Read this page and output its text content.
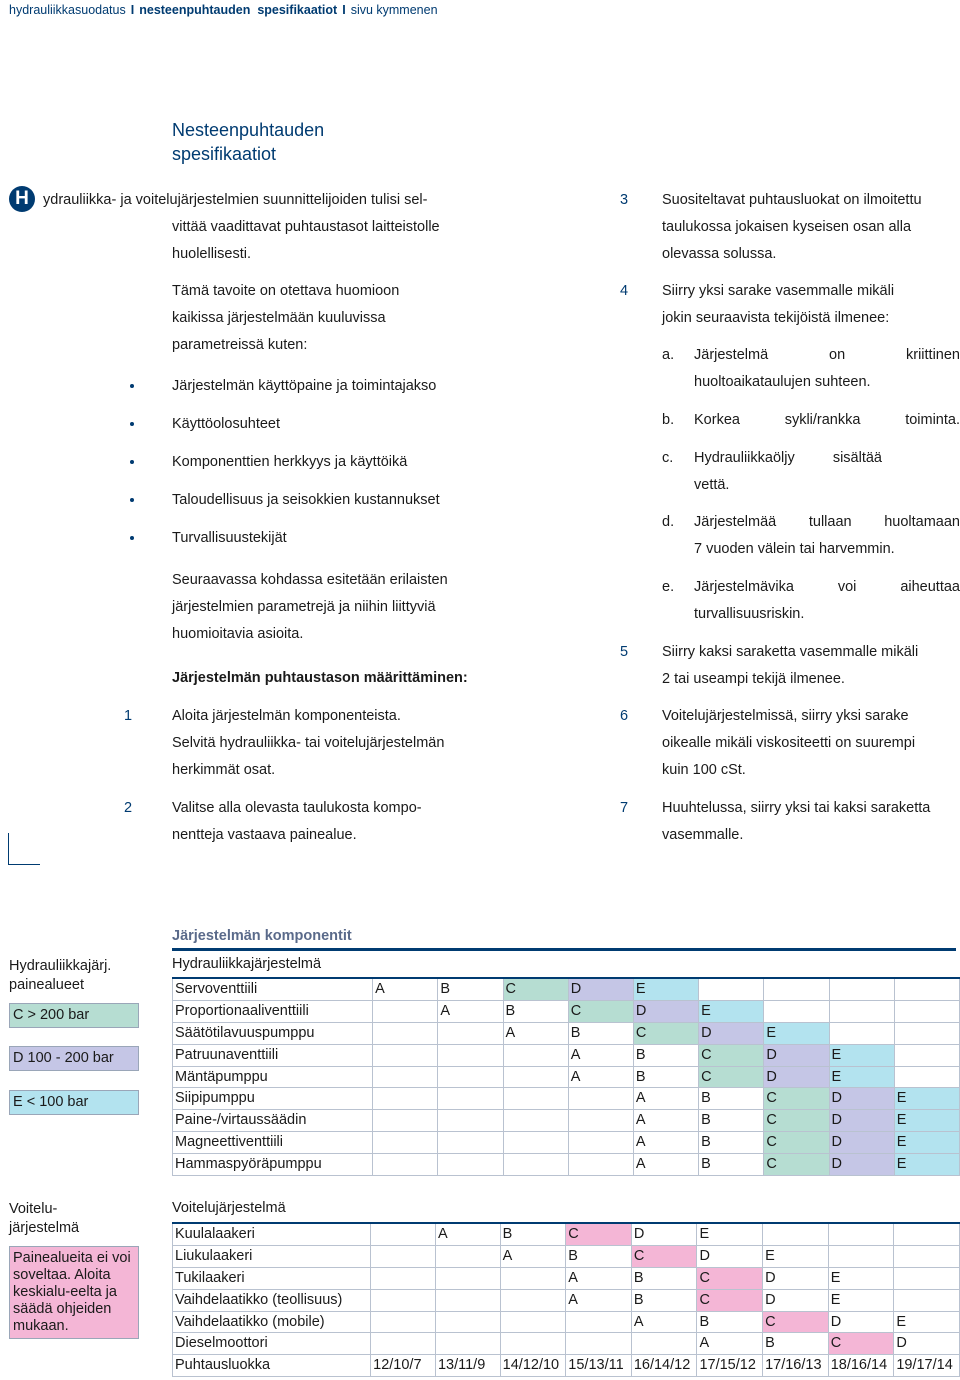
hydrauliikkasuodatus I nesteenpuhtauden spesifikaatiot I sivu kymmenen
Nesteenpuhtauden
spesifikaatiot
H ydrauliikka- ja voitelujärjestelmien suunnittelijoiden tulisi sel-
vittää vaadittavat puhtaustasot laitteistolle
huolellisesti.
Tämä tavoite on otettava huomioon
kaikissa järjestelmään kuuluvissa
parametreissä kuten:
Järjestelmän käyttöpaine ja toimintajakso
Käyttöolosuhteet
Komponenttien herkkyys ja käyttöikä
Taloudellisuus ja seisokkien kustannukset
Turvallisuustekijät
Seuraavassa kohdassa esitetään erilaisten
järjestelmien parametrejä ja niihin liittyviä
huomioitavia asioita.
Järjestelmän puhtaustason määrittäminen:
1	Aloita järjestelmän komponenteista.
Selvitä hydrauliikka- tai voitelujärjestelmän
herkimmät osat.
2	Valitse alla olevasta taulukosta kompo-
nentteja vastaava painealue.
3 Suositeltavat puhtausluokat on ilmoitettu
taulukossa jokaisen kyseisen osan alla
olevassa solussa.
4 Siirry yksi sarake vasemmalle mikäli
jokin seuraavista tekijöistä ilmenee:
a. Järjestelmä on kriittinen
huoltoaikataulujen suhteen.
b. Korkea sykli/rankka toiminta.
c. Hydrauliikkaöljy sisältää
vettä.
d. Järjestelmää tullaan huoltamaan
7 vuoden välein tai harvemmin.
e. Järjestelmävika voi aiheuttaa
turvallisuusriskin.
5 Siirry kaksi saraketta vasemmalle mikäli
2 tai useampi tekijä ilmenee.
6 Voitelujärjestelmissä, siirry yksi sarake
oikealle mikäli viskositeetti on suurempi
kuin 100 cSt.
7 Huuhtelussa, siirry yksi tai kaksi saraketta
vasemmalle.
Järjestelmän komponentit
Hydrauliikkajärj.
painealueet
C > 200 bar
D 100 - 200 bar
E < 100 bar
Hydrauliikkajärjestelmä
Servoventtiili	A	B	C	D	E				
Proportionaaliventtiili		A	B	C	D	E			
Säätötilavuuspumppu			A	B	C	D	E		
Patruunaventtiili				A	B	C	D	E	
Mäntäpumppu				A	B	C	D	E	
Siipipumppu					A	B	C	D	E
Paine-/virtaussäädin					A	B	C	D	E
Magneettiventtiili					A	B	C	D	E
Hammaspyöräpumppu					A	B	C	D	E
Voitelu-
järjestelmä
Painealueita ei voi soveltaa. Aloita keskialu-eelta ja säädä ohjeiden mukaan.
Voitelujärjestelmä
Kuulalaakeri		A	B	C	D	E			
Liukulaakeri			A	B	C	D	E		
Tukilaakeri				A	B	C	D	E	
Vaihdelaatikko (teollisuus)				A	B	C	D	E	
Vaihdelaatikko (mobile)					A	B	C	D	E
Dieselmoottori						A	B	C	D
Puhtausluokka	12/10/7	13/11/9	14/12/10	15/13/11	16/14/12	17/15/12	17/16/13	18/16/14	19/17/14
